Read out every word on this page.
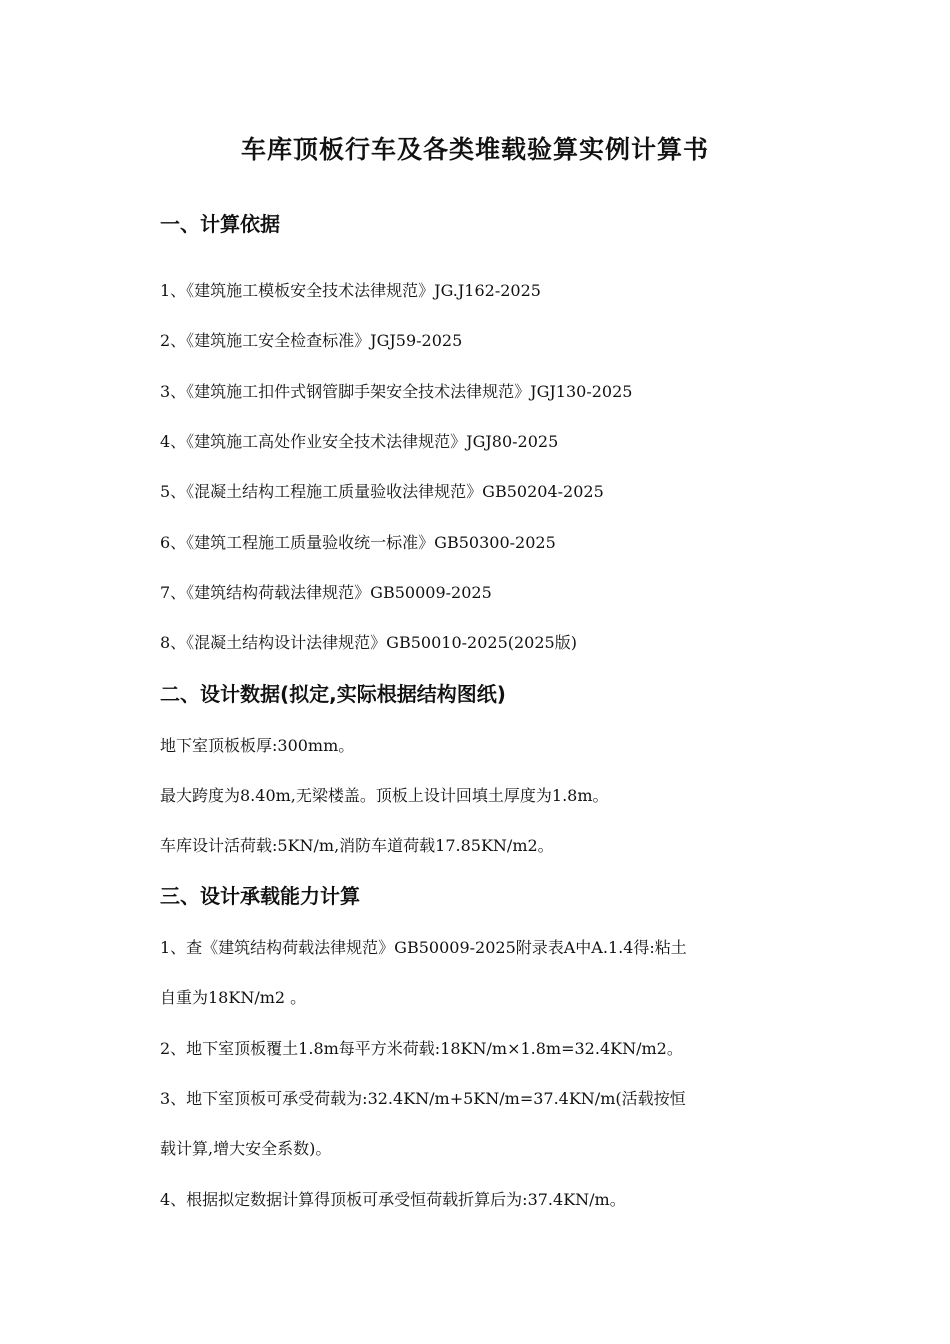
车库顶板行车及各类堆载验算实例计算书
一、计算依据

1、《建筑施工模板安全技术法律规范》JG.J162-2025

2、《建筑施工安全检查标准》JGJ59-2025

3、《建筑施工扣件式钢管脚手架安全技术法律规范》JGJ130-2025

4、《建筑施工高处作业安全技术法律规范》JGJ80-2025

5、《混凝土结构工程施工质量验收法律规范》GB50204-2025

6、《建筑工程施工质量验收统一标准》GB50300-2025

7、《建筑结构荷载法律规范》GB50009-2025

8、《混凝土结构设计法律规范》GB50010-2025(2025版)

二、设计数据(拟定,实际根据结构图纸)

地下室顶板板厚:300mm。

最大跨度为8.40m,无梁楼盖。顶板上设计回填土厚度为1.8m。

车库设计活荷载:5KN/m,消防车道荷载17.85KN/m2。

三、设计承载能力计算

1、查《建筑结构荷载法律规范》GB50009-2025附录表A中A.1.4得:粘土

自重为18KN/m2 。

2、地下室顶板覆土1.8m每平方米荷载:18KN/m×1.8m=32.4KN/m2。

3、地下室顶板可承受荷载为:32.4KN/m+5KN/m=37.4KN/m(活载按恒

载计算,增大安全系数)。

4、根据拟定数据计算得顶板可承受恒荷载折算后为:37.4KN/m。
